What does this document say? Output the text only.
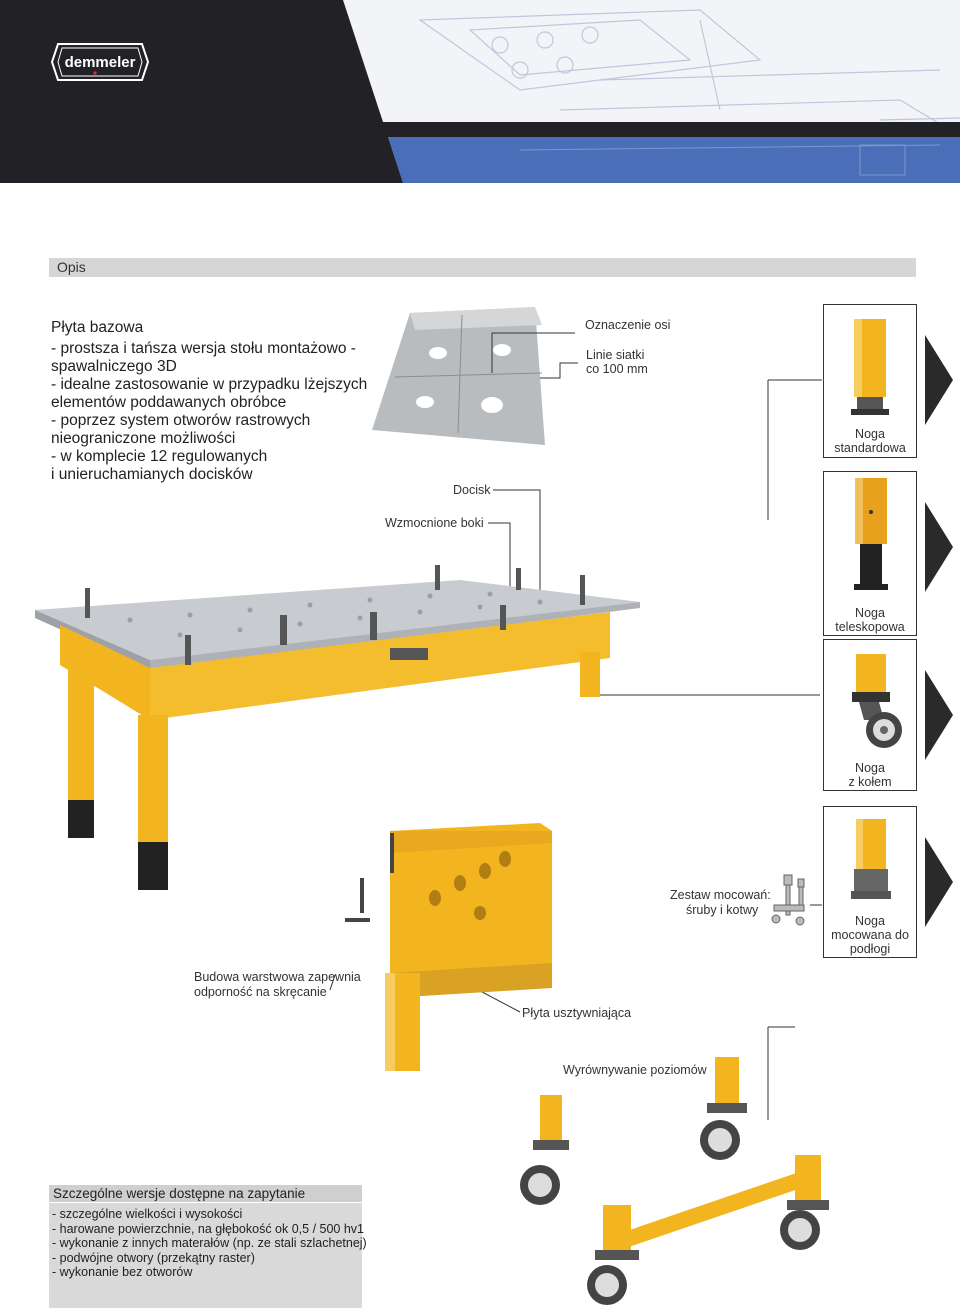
demmeler
Opis
Płyta bazowa
- prostsza i tańsza wersja stołu montażowo -
spawalniczego 3D
- idealne zastosowanie w przypadku lżejszych
elementów poddawanych obróbce
- poprzez system otworów rastrowych
nieograniczone możliwości
- w komplecie 12 regulowanych
i unieruchamianych docisków
Oznaczenie osi
Linie siatki
co 100 mm
Docisk
Wzmocnione boki
Noga
standardowa
Noga
teleskopowa
Noga
z kołem
Noga
mocowana do
podłogi
Budowa warstwowa zapewnia
odporność na skręcanie
Płyta usztywniająca
Zestaw mocowań:
śruby i kotwy
Wyrównywanie poziomów
Szczególne wersje dostępne na zapytanie
- szczególne wielkości i wysokości
- harowane powierzchnie, na głębokość ok 0,5 / 500 hv1
- wykonanie z innych materałów (np. ze stali szlachetnej)
- podwójne otwory (przekątny raster)
- wykonanie bez otworów
